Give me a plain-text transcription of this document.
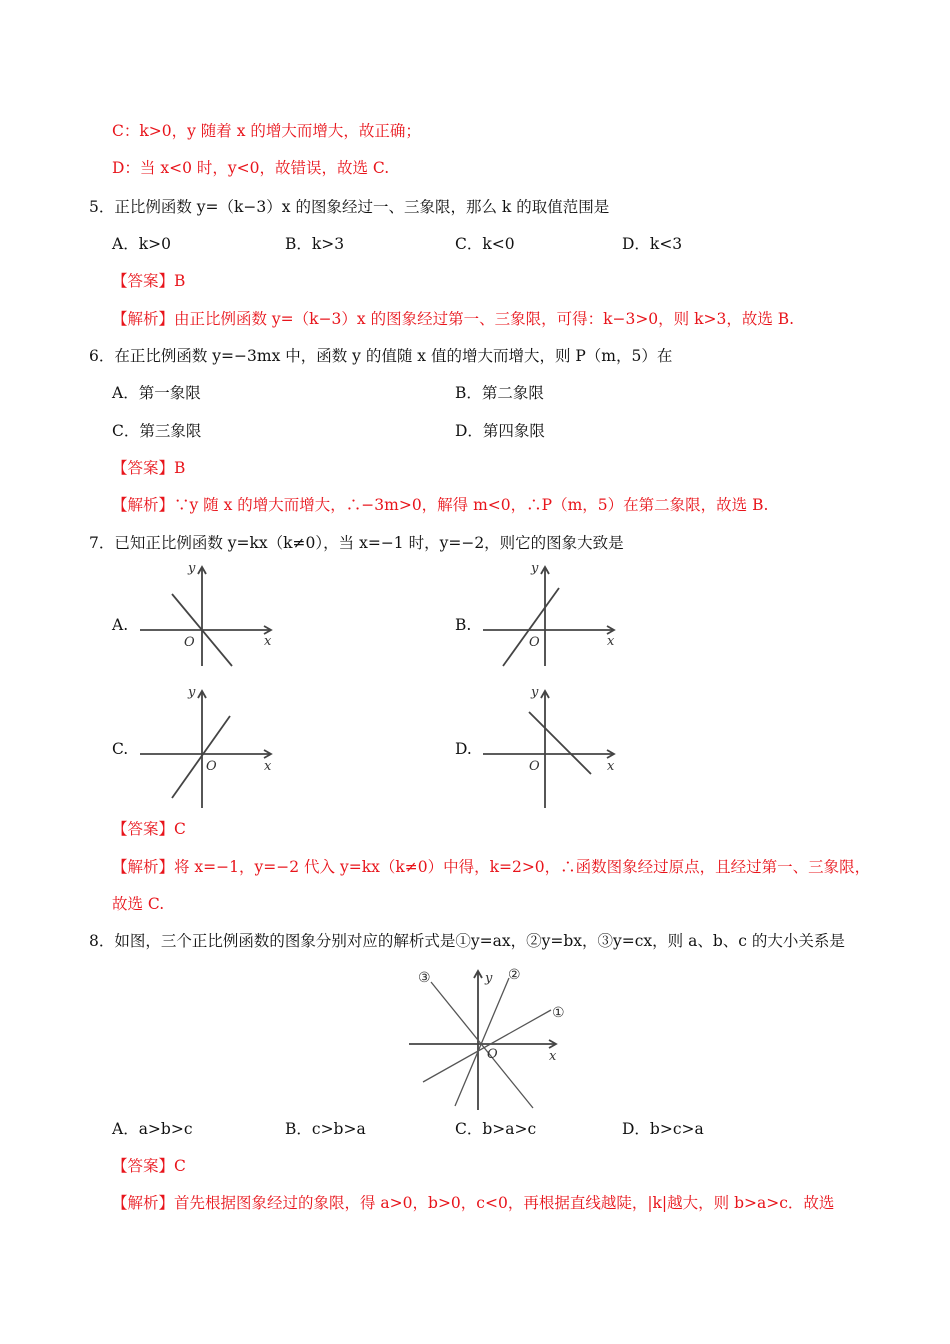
C：k>0，y 随着 x 的增大而增大，故正确；
D：当 x<0 时，y<0，故错误，故选 C.
5．正比例函数 y=（k−3）x 的图象经过一、三象限，那么 k 的取值范围是
A．k>0	B．k>3	C．k<0	D．k<3
【答案】B
【解析】由正比例函数 y=（k−3）x 的图象经过第一、三象限，可得：k−3>0，则 k>3，故选 B.
6．在正比例函数 y=−3mx 中，函数 y 的值随 x 值的增大而增大，则 P（m，5）在
A．第一象限	B．第二象限
C．第三象限	D．第四象限
【答案】B
【解析】∵y 随 x 的增大而增大，∴−3m>0，解得 m<0，∴P（m，5）在第二象限，故选 B.
7．已知正比例函数 y=kx（k≠0），当 x=−1 时，y=−2，则它的图象大致是
A.
y
x
O
B.
y
x
O
C.
y
x
O
D.
y
x
O
【答案】C
【解析】将 x=−1，y=−2 代入 y=kx（k≠0）中得，k=2>0，∴函数图象经过原点，且经过第一、三象限，
故选 C.
8．如图，三个正比例函数的图象分别对应的解析式是①y=ax，②y=bx，③y=cx，则 a、b、c 的大小关系是
y
x
O
①
②
③
A．a>b>c	B．c>b>a	C．b>a>c	D．b>c>a
【答案】C
【解析】首先根据图象经过的象限，得 a>0，b>0，c<0，再根据直线越陡，|k|越大，则 b>a>c．故选
